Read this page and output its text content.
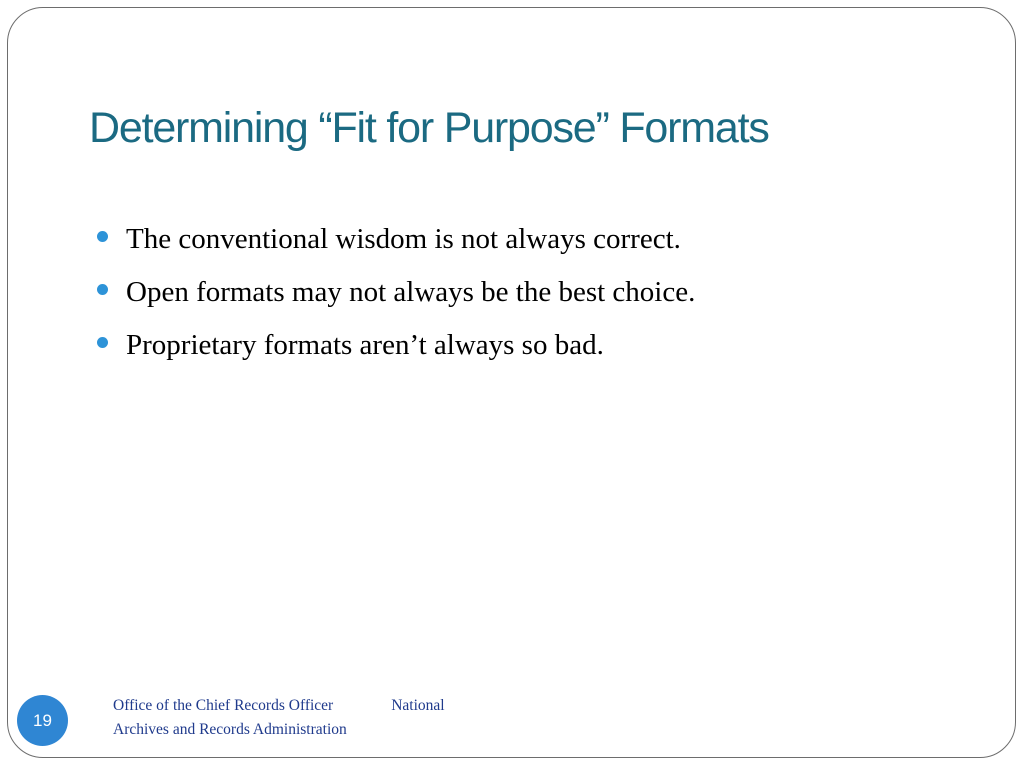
Determining “Fit for Purpose” Formats
The conventional wisdom is not always correct.
Open formats may not always be the best choice.
Proprietary formats aren’t always so bad.
19
Office of the Chief Records Officer	National
Archives and Records Administration
